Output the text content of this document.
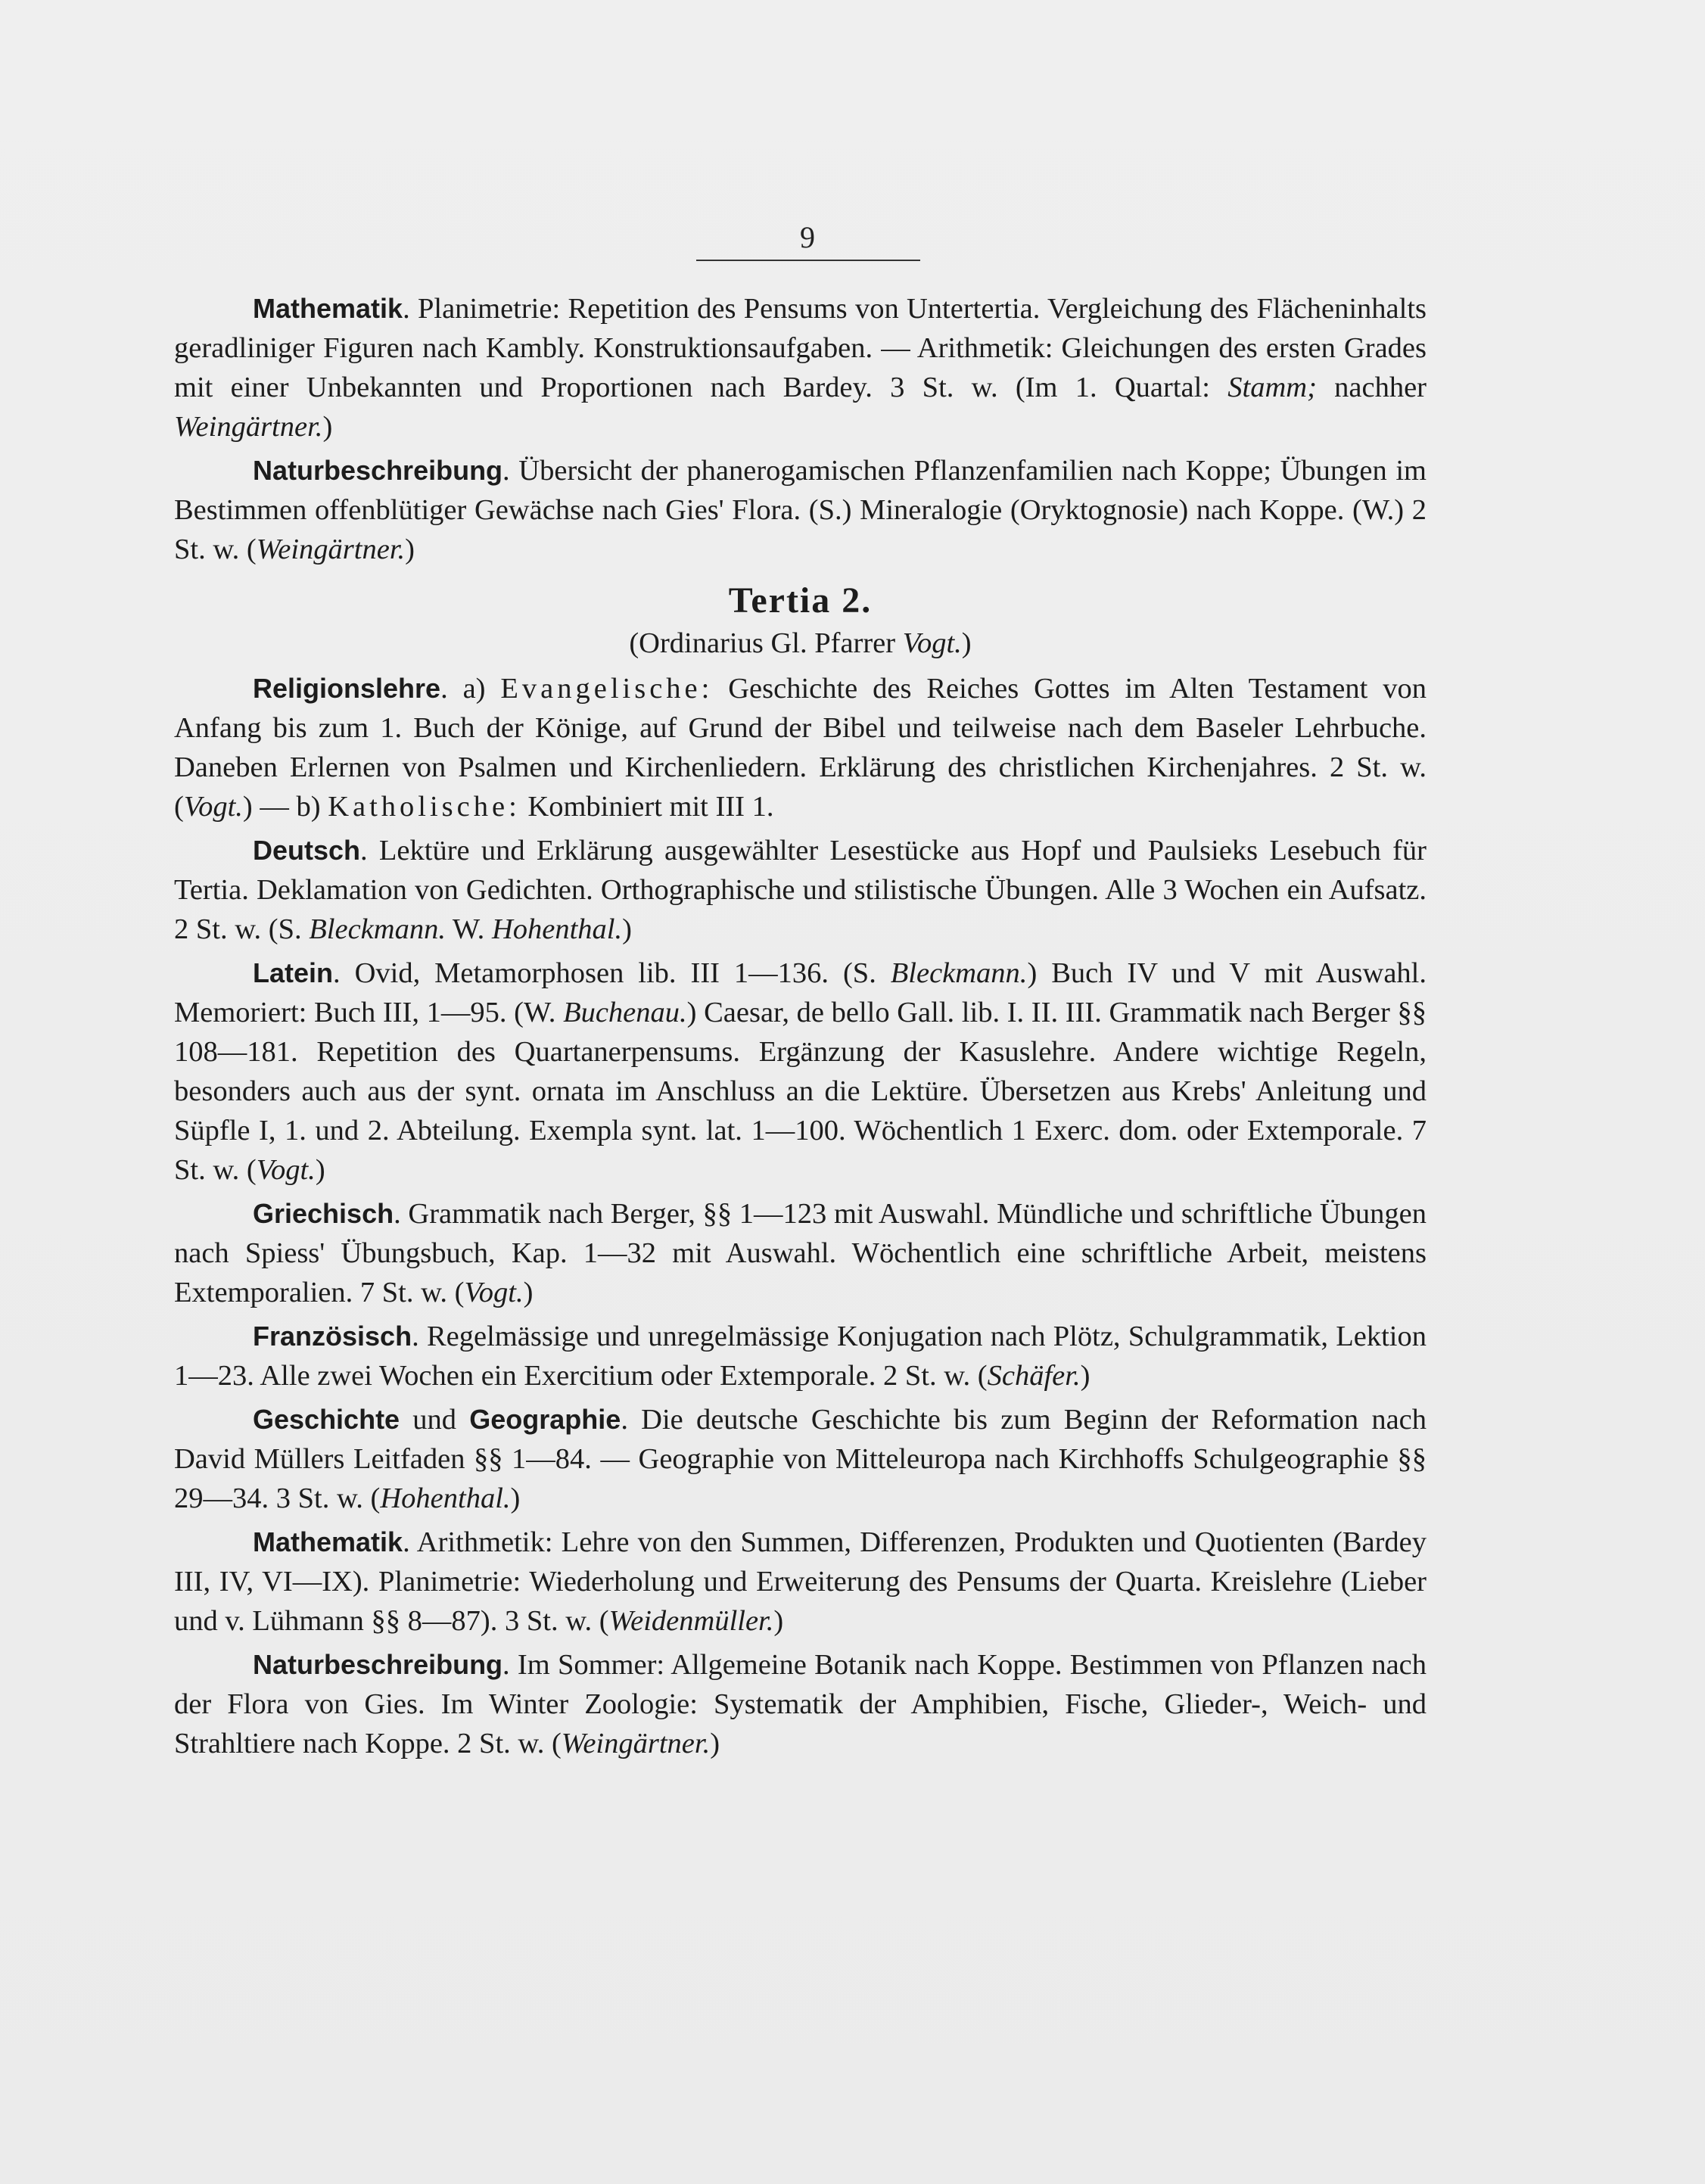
9

Mathematik. Planimetrie: Repetition des Pensums von Untertertia. Vergleichung des Flächeninhalts geradliniger Figuren nach Kambly. Konstruktionsaufgaben. — Arithmetik: Gleichungen des ersten Grades mit einer Unbekannten und Proportionen nach Bardey. 3 St. w. (Im 1. Quartal: Stamm; nachher Weingärtner.)

Naturbeschreibung. Übersicht der phanerogamischen Pflanzenfamilien nach Koppe; Übungen im Bestimmen offenblütiger Gewächse nach Gies' Flora. (S.) Mineralogie (Oryktognosie) nach Koppe. (W.) 2 St. w. (Weingärtner.)

Tertia 2.

(Ordinarius Gl. Pfarrer Vogt.)

Religionslehre. a) Evangelische: Geschichte des Reiches Gottes im Alten Testament von Anfang bis zum 1. Buch der Könige, auf Grund der Bibel und teilweise nach dem Baseler Lehrbuche. Daneben Erlernen von Psalmen und Kirchenliedern. Erklärung des christlichen Kirchenjahres. 2 St. w. (Vogt.) — b) Katholische: Kombiniert mit III 1.

Deutsch. Lektüre und Erklärung ausgewählter Lesestücke aus Hopf und Paulsieks Lesebuch für Tertia. Deklamation von Gedichten. Orthographische und stilistische Übungen. Alle 3 Wochen ein Aufsatz. 2 St. w. (S. Bleckmann. W. Hohenthal.)

Latein. Ovid, Metamorphosen lib. III 1—136. (S. Bleckmann.) Buch IV und V mit Auswahl. Memoriert: Buch III, 1—95. (W. Buchenau.) Caesar, de bello Gall. lib. I. II. III. Grammatik nach Berger §§ 108—181. Repetition des Quartanerpensums. Ergänzung der Kasuslehre. Andere wichtige Regeln, besonders auch aus der synt. ornata im Anschluss an die Lektüre. Übersetzen aus Krebs' Anleitung und Süpfle I, 1. und 2. Abteilung. Exempla synt. lat. 1—100. Wöchentlich 1 Exerc. dom. oder Extemporale. 7 St. w. (Vogt.)

Griechisch. Grammatik nach Berger, §§ 1—123 mit Auswahl. Mündliche und schriftliche Übungen nach Spiess' Übungsbuch, Kap. 1—32 mit Auswahl. Wöchentlich eine schriftliche Arbeit, meistens Extemporalien. 7 St. w. (Vogt.)

Französisch. Regelmässige und unregelmässige Konjugation nach Plötz, Schulgrammatik, Lektion 1—23. Alle zwei Wochen ein Exercitium oder Extemporale. 2 St. w. (Schäfer.)

Geschichte und Geographie. Die deutsche Geschichte bis zum Beginn der Reformation nach David Müllers Leitfaden §§ 1—84. — Geographie von Mitteleuropa nach Kirchhoffs Schulgeographie §§ 29—34. 3 St. w. (Hohenthal.)

Mathematik. Arithmetik: Lehre von den Summen, Differenzen, Produkten und Quotienten (Bardey III, IV, VI—IX). Planimetrie: Wiederholung und Erweiterung des Pensums der Quarta. Kreislehre (Lieber und v. Lühmann §§ 8—87). 3 St. w. (Weidenmüller.)

Naturbeschreibung. Im Sommer: Allgemeine Botanik nach Koppe. Bestimmen von Pflanzen nach der Flora von Gies. Im Winter Zoologie: Systematik der Amphibien, Fische, Glieder-, Weich- und Strahltiere nach Koppe. 2 St. w. (Weingärtner.)
